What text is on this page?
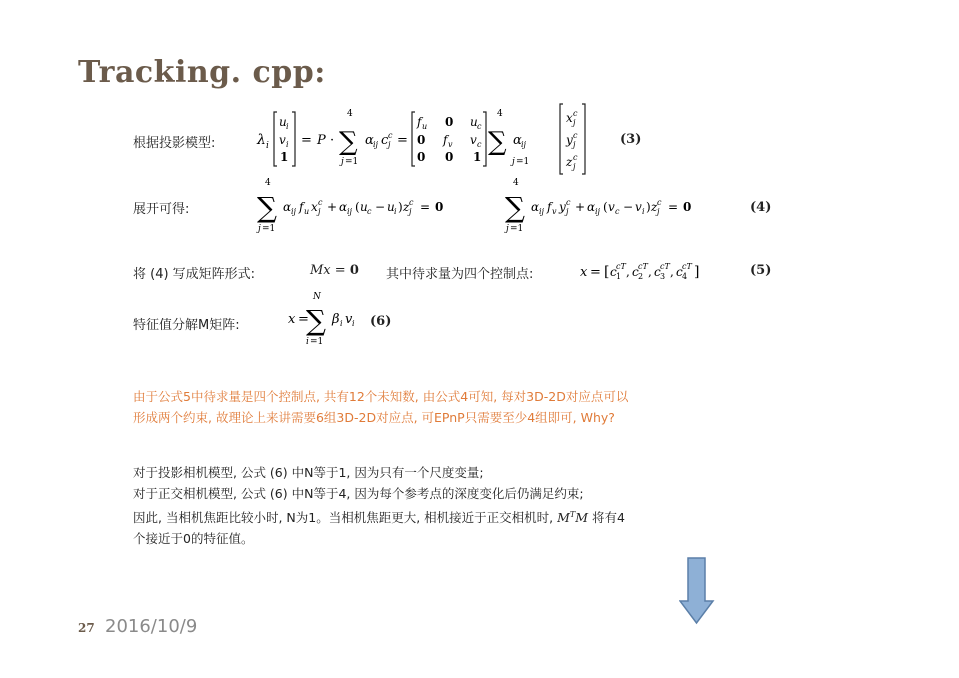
Tracking. cpp:
根据投影模型:	λ i
u i
v i
1
= P ·
4
∑
j =1
α ij c j
c =
f u 0 u c
0 f v v c
0 0 1
4
∑
j =1
α ij
x j
c
y j
c
z j
c
(3)
展开可得:
4
∑
j =1
α ij f u x j
c + α ij ( u c − u i ) z j
c = 0
4
∑
j =1
α ij f v y j
c + α ij ( v c − v i ) z j
c = 0	(4)
将 (4) 写成矩阵形式:	Mx = 0 其中待求量为四个控制点:	x = [ c 1
cT , c 2
cT , c 3
cT , c 4
cT ]	(5)
特征值分解M矩阵:	x =
N
∑
i =1
β i v i (6)
由于公式5中待求量是四个控制点, 共有12个未知数, 由公式4可知, 每对3D-2D对应点可以
形成两个约束, 故理论上来讲需要6组3D-2D对应点, 可EPnP只需要至少4组即可, Why?
对于投影相机模型, 公式 (6) 中N等于1, 因为只有一个尺度变量;
对于正交相机模型, 公式 (6) 中N等于4, 因为每个参考点的深度变化后仍满足约束;
因此, 当相机焦距比较小时, N为1。当相机焦距更大, 相机接近于正交相机时, $M^TM$ 将有4
个接近于0的特征值。
27 2016/10/9
